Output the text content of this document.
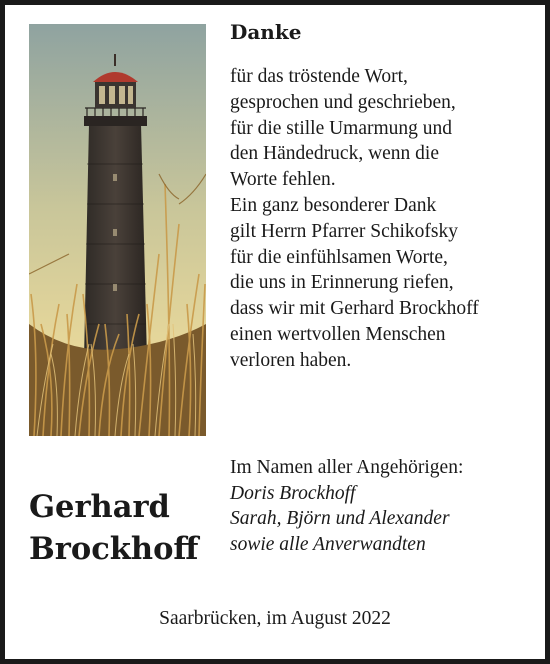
Danke
für das tröstende Wort,
gesprochen und geschrieben,
für die stille Umarmung und
den Händedruck, wenn die
Worte fehlen.
Ein ganz besonderer Dank
gilt Herrn Pfarrer Schikofsky
für die einfühlsamen Worte,
die uns in Erinnerung riefen,
dass wir mit Gerhard Brockhoff
einen wertvollen Menschen
verloren haben.
Gerhard
Brockhoff
Im Namen aller Angehörigen:
Doris Brockhoff
Sarah, Björn und Alexander
sowie alle Anverwandten
Saarbrücken, im August 2022
